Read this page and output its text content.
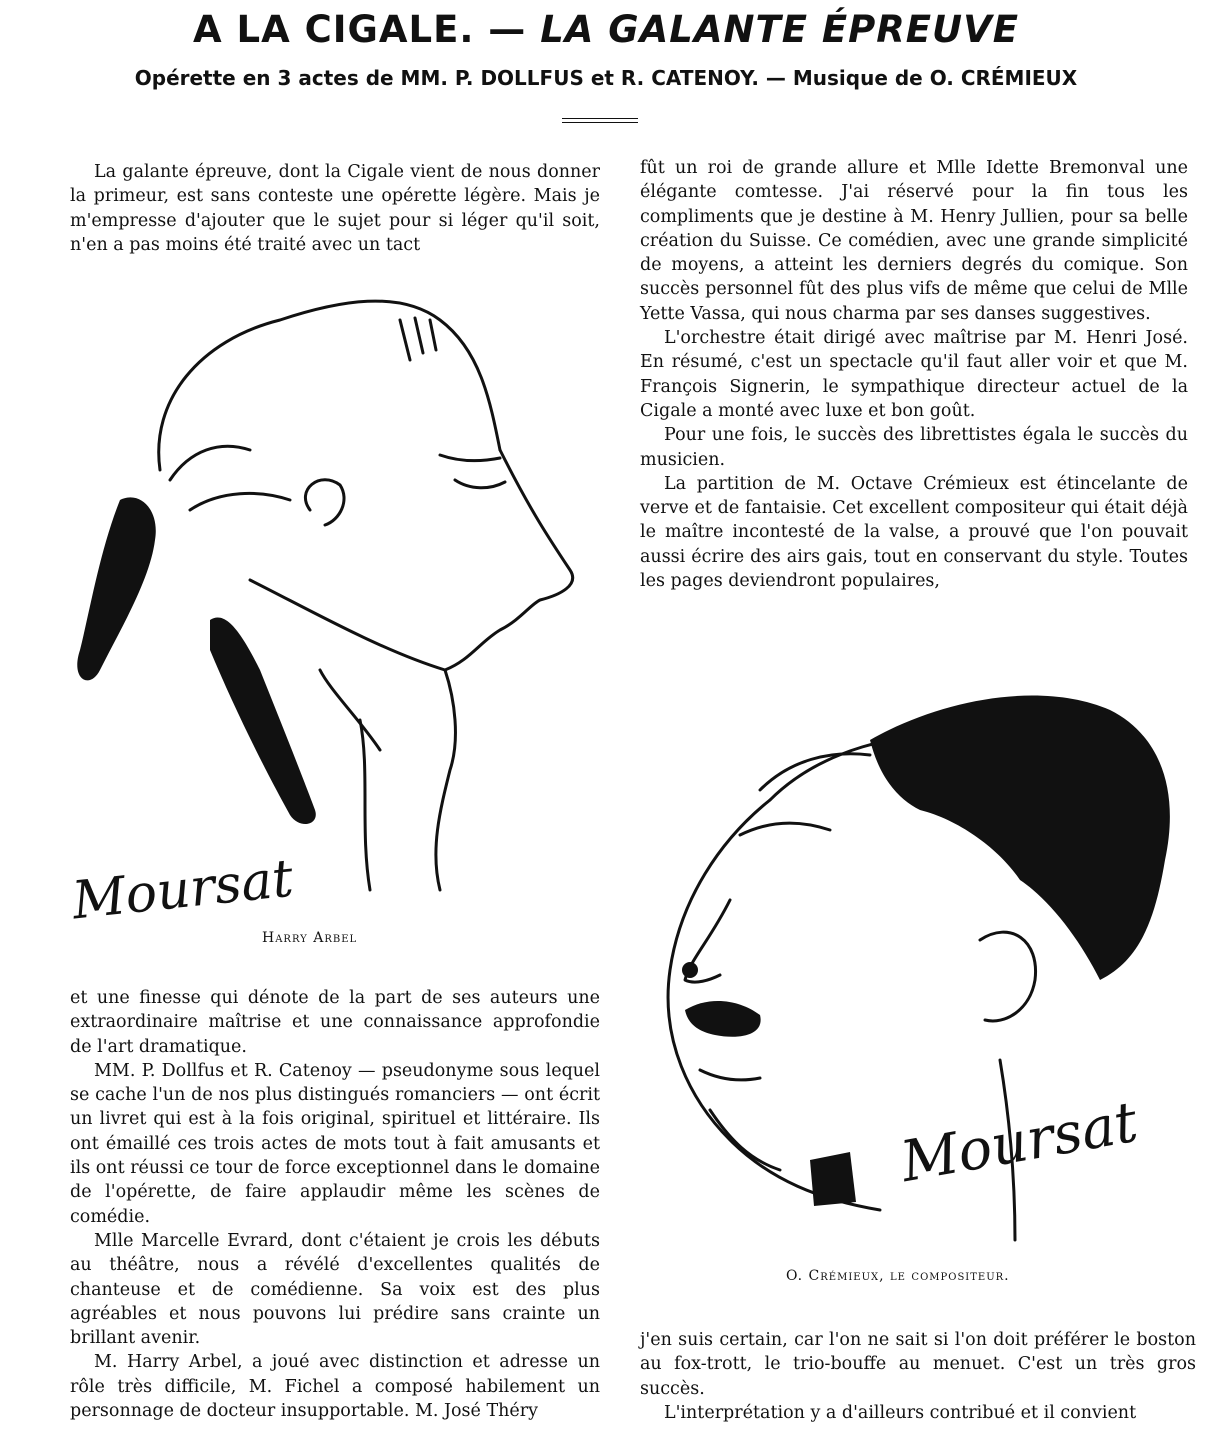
A LA CIGALE. — LA GALANTE ÉPREUVE
Opérette en 3 actes de MM. P. DOLLFUS et R. CATENOY. — Musique de O. CRÉMIEUX

La galante épreuve, dont la Cigale vient de nous donner la primeur, est sans conteste une opérette légère. Mais je m'empresse d'ajouter que le sujet pour si léger qu'il soit, n'en a pas moins été traité avec un tact

Moursat
Harry Arbel

et une finesse qui dénote de la part de ses auteurs une extraordinaire maîtrise et une connaissance approfondie de l'art dramatique.

MM. P. Dollfus et R. Catenoy — pseudonyme sous lequel se cache l'un de nos plus distingués romanciers — ont écrit un livret qui est à la fois original, spirituel et littéraire. Ils ont émaillé ces trois actes de mots tout à fait amusants et ils ont réussi ce tour de force exceptionnel dans le domaine de l'opérette, de faire applaudir même les scènes de comédie.

Mlle Marcelle Evrard, dont c'étaient je crois les débuts au théâtre, nous a révélé d'excellentes qualités de chanteuse et de comédienne. Sa voix est des plus agréables et nous pouvons lui prédire sans crainte un brillant avenir.

M. Harry Arbel, a joué avec distinction et adresse un rôle très difficile, M. Fichel a composé habilement un personnage de docteur insupportable. M. José Théry

fût un roi de grande allure et Mlle Idette Bremonval une élégante comtesse. J'ai réservé pour la fin tous les compliments que je destine à M. Henry Jullien, pour sa belle création du Suisse. Ce comédien, avec une grande simplicité de moyens, a atteint les derniers degrés du comique. Son succès personnel fût des plus vifs de même que celui de Mlle Yette Vassa, qui nous charma par ses danses suggestives.

L'orchestre était dirigé avec maîtrise par M. Henri José. En résumé, c'est un spectacle qu'il faut aller voir et que M. François Signerin, le sympathique directeur actuel de la Cigale a monté avec luxe et bon goût.

Pour une fois, le succès des librettistes égala le succès du musicien.

La partition de M. Octave Crémieux est étincelante de verve et de fantaisie. Cet excellent compositeur qui était déjà le maître incontesté de la valse, a prouvé que l'on pouvait aussi écrire des airs gais, tout en conservant du style. Toutes les pages deviendront populaires,

Moursat
O. Crémieux, le compositeur.

j'en suis certain, car l'on ne sait si l'on doit préférer le boston au fox-trott, le trio-bouffe au menuet. C'est un très gros succès.

L'interprétation y a d'ailleurs contribué et il convient
